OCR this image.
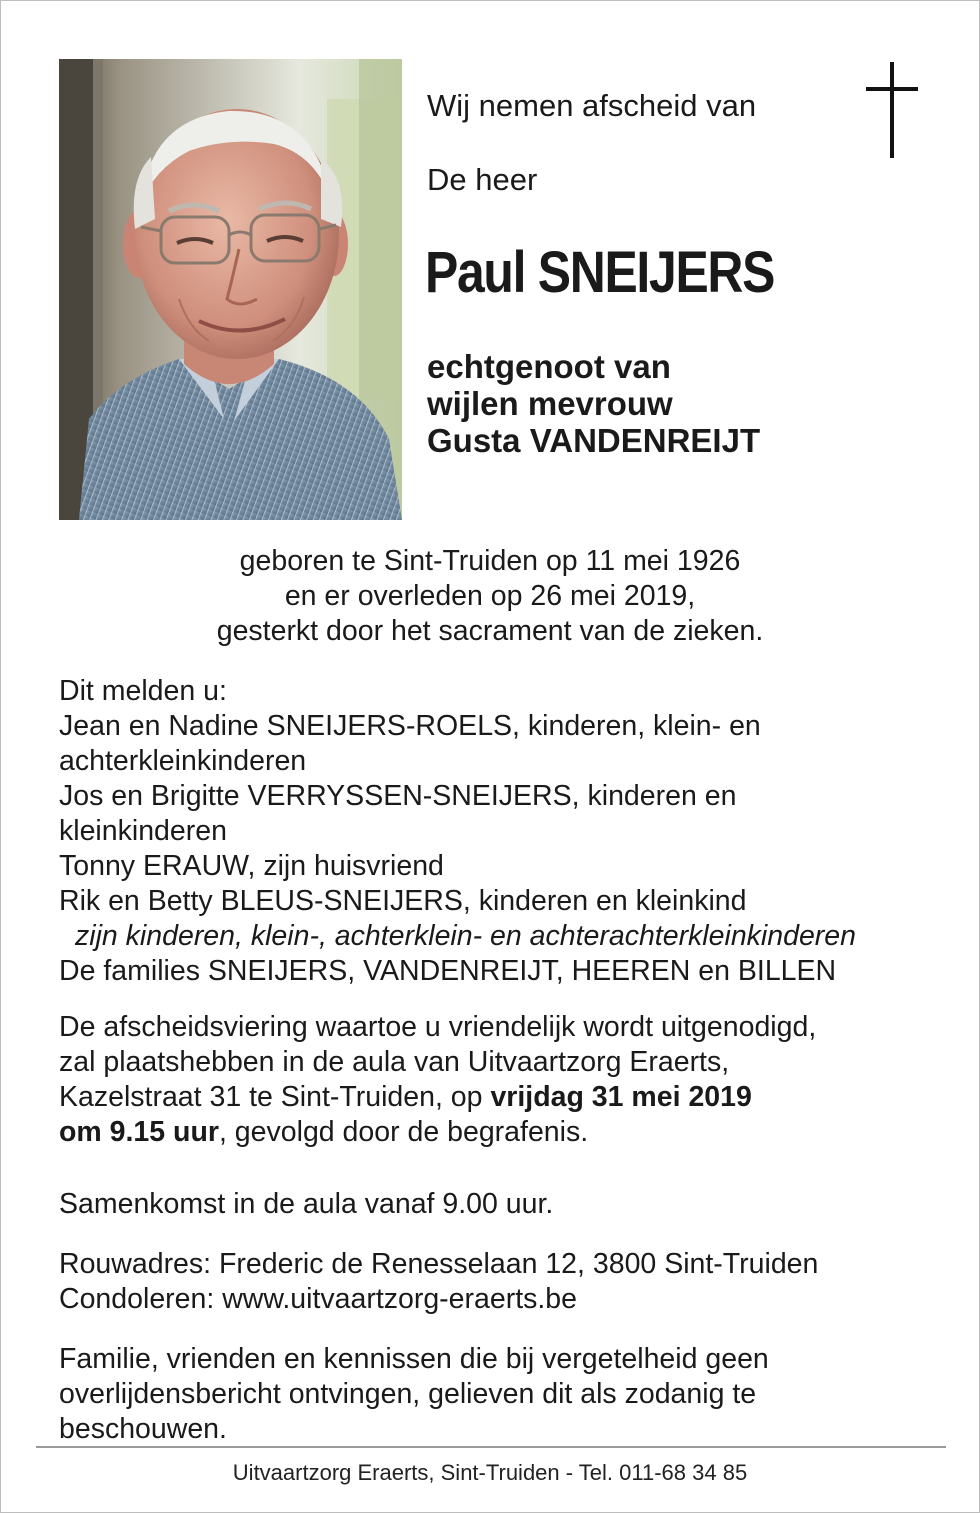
Wij nemen afscheid van
De heer
Paul SNEIJERS
echtgenoot van
wijlen mevrouw
Gusta VANDENREIJT
geboren te Sint-Truiden op 11 mei 1926
en er overleden op 26 mei 2019,
gesterkt door het sacrament van de zieken.
Dit melden u:
Jean en Nadine SNEIJERS-ROELS, kinderen, klein- en
achterkleinkinderen
Jos en Brigitte VERRYSSEN-SNEIJERS, kinderen en
kleinkinderen
Tonny ERAUW, zijn huisvriend
Rik en Betty BLEUS-SNEIJERS, kinderen en kleinkind
zijn kinderen, klein-, achterklein- en achterachterkleinkinderen
De families SNEIJERS, VANDENREIJT, HEEREN en BILLEN
De afscheidsviering waartoe u vriendelijk wordt uitgenodigd,
zal plaatshebben in de aula van Uitvaartzorg Eraerts,
Kazelstraat 31 te Sint-Truiden, op vrijdag 31 mei 2019
om 9.15 uur, gevolgd door de begrafenis.
Samenkomst in de aula vanaf 9.00 uur.
Rouwadres: Frederic de Renesselaan 12, 3800 Sint-Truiden
Condoleren: www.uitvaartzorg-eraerts.be
Familie, vrienden en kennissen die bij vergetelheid geen
overlijdensbericht ontvingen, gelieven dit als zodanig te
beschouwen.
Uitvaartzorg Eraerts, Sint-Truiden - Tel. 011-68 34 85
